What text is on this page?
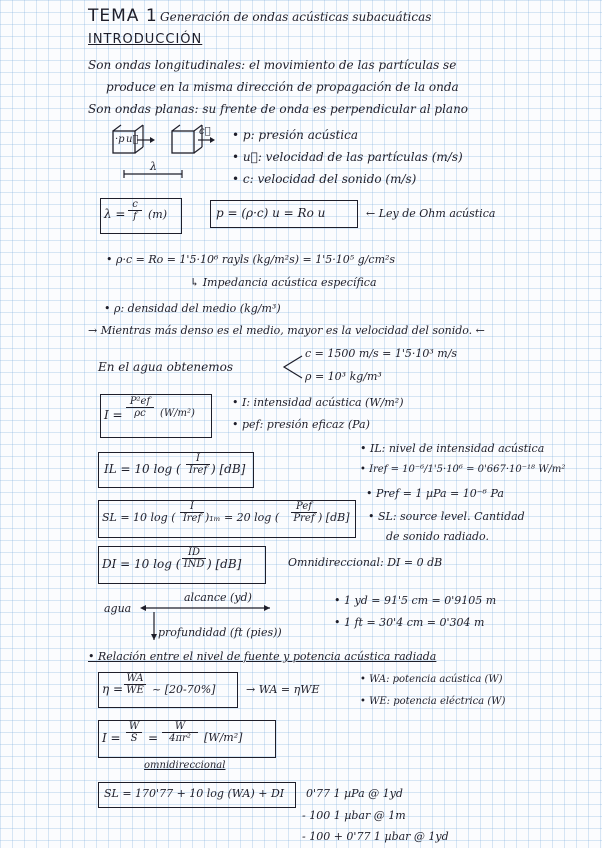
TEMA 1 Generación de ondas acústicas subacuáticas
INTRODUCCIÓN
Son ondas longitudinales: el movimiento de las partículas se
produce en la misma dirección de propagación de la onda
Son ondas planas: su frente de onda es perpendicular al plano
·p u⃗
c⃗
λ
• p: presión acústica
• u⃗: velocidad de las partículas (m/s)
• c: velocidad del sonido (m/s)
$\lambda = \frac{c}{f} (m)$	p = (ρ·c) u = Ro u	← Ley de Ohm acústica
• ρ·c = Ro = 1'5·10⁶ rayls (kg/m²s) = 1'5·10⁵ g/cm²s
↳ Impedancia acústica específica
• ρ: densidad del medio (kg/m³)
→ Mientras más denso es el medio, mayor es la velocidad del sonido. ←
En el agua obtenemos
c = 1500 m/s = 1'5·10³ m/s
ρ = 10³ kg/m³
$I = \frac{\text{P²ef}}{\rho c} (W/m^2)$
• I: intensidad acústica (W/m²)
• pef: presión eficaz (Pa)
IL = 10 log (
I
Iref ) [dB]
• IL: nivel de intensidad acústica
• Iref = 10⁻⁶/1'5·10⁶ = 0'667·10⁻¹⁸ W/m²
• Pref = 1 µPa = 10⁻⁶ Pa
SL = 10 log (
I
Iref )₁ₘ = 20 log (
Pef
Pref ) [dB] • SL: source level. Cantidad
de sonido radiado.
DI = 10 log (
ID
IND ) [dB]	Omnidireccional: DI = 0 dB
alcance (yd)
agua
profundidad (ft (pies))
• 1 yd = 91'5 cm = 0'9105 m
• 1 ft = 30'4 cm = 0'304 m
• Relación entre el nivel de fuente y potencia acústica radiada
$\eta = \frac{WA}{WE}$ ~ [20-70%]	→ WA = ηWE
• WA: potencia acústica (W)
• WE: potencia eléctrica (W)
$I = \frac{W}{S} = \frac{W}{\text{4πr²}} [W/m^2]$
omnidireccional
SL = 170'77 + 10 log (WA) + DI 0'77 1 µPa @ 1yd
- 100 1 µbar @ 1m
- 100 + 0'77 1 µbar @ 1yd
